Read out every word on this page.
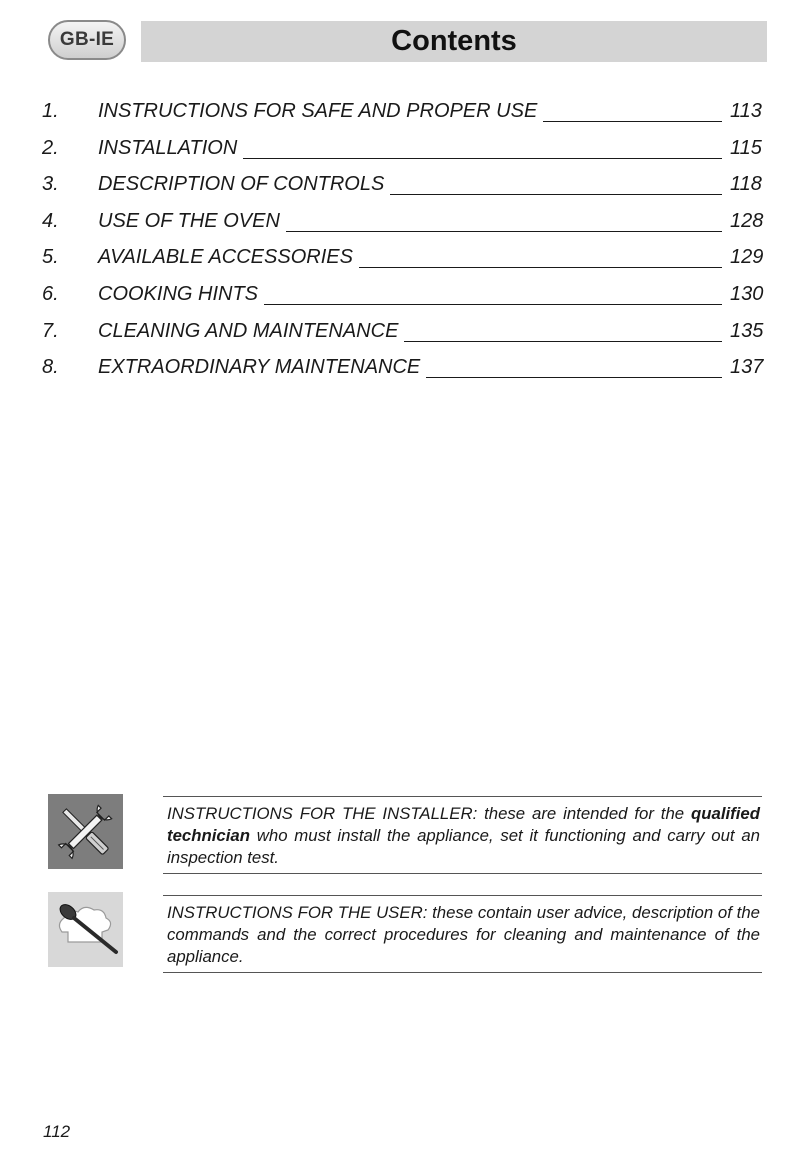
GB-IE	Contents
1. INSTRUCTIONS FOR SAFE AND PROPER USE	113
2. INSTALLATION	115
3. DESCRIPTION OF CONTROLS	118
4. USE OF THE OVEN	128
5. AVAILABLE ACCESSORIES	129
6. COOKING HINTS	130
7. CLEANING AND MAINTENANCE	135
8. EXTRAORDINARY MAINTENANCE	137
INSTRUCTIONS FOR THE INSTALLER: these are intended for the qualified technician who must install the appliance, set it functioning and carry out an inspection test.
INSTRUCTIONS FOR THE USER: these contain user advice, description of the commands and the correct procedures for cleaning and maintenance of the appliance.
112
